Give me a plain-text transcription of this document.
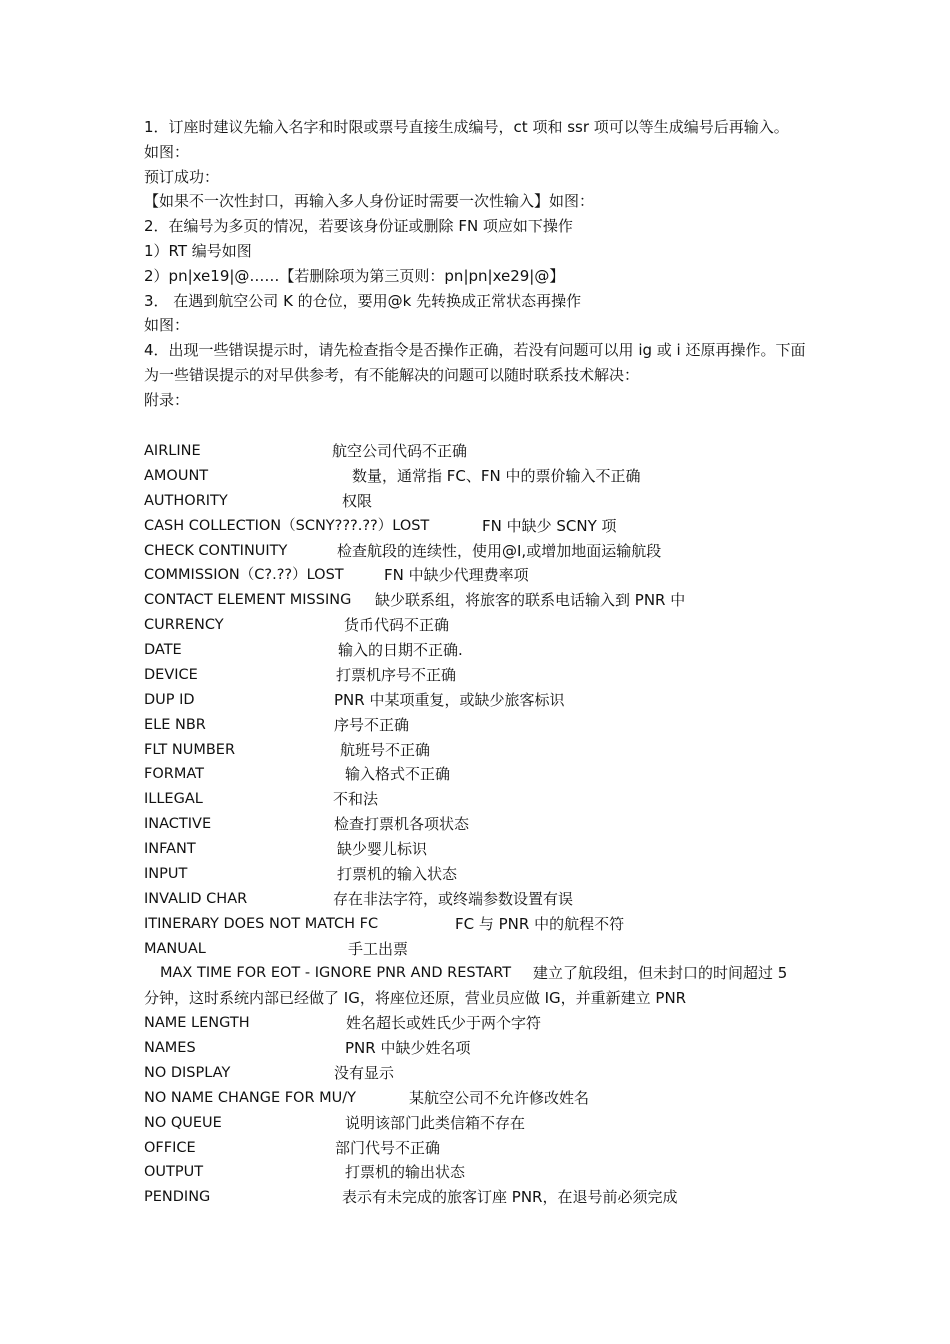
1．订座时建议先输入名字和时限或票号直接生成编号，ct 项和 ssr 项可以等生成编号后再输入。

如图：

预订成功：

【如果不一次性封口，再输入多人身份证时需要一次性输入】如图：

2．在编号为多页的情况，若要该身份证或删除 FN 项应如下操作

1）RT 编号如图

2）pn|xe19|@……【若删除项为第三页则：pn|pn|xe29|@】

3． 在遇到航空公司 K 的仓位，要用@k 先转换成正常状态再操作

如图：

4．出现一些错误提示时，请先检查指令是否操作正确，若没有问题可以用 ig 或 i 还原再操作。下面为一些错误提示的对早供参考，有不能解决的问题可以随时联系技术解决：

附录：

AIRLINE	航空公司代码不正确
AMOUNT	数量，通常指 FC、FN 中的票价输入不正确
AUTHORITY	权限
CASH COLLECTION（SCNY???.??）LOST	FN 中缺少 SCNY 项
CHECK CONTINUITY	检查航段的连续性，使用@I,或增加地面运输航段
COMMISSION（C?.??）LOST	FN 中缺少代理费率项
CONTACT ELEMENT MISSING 缺少联系组，将旅客的联系电话输入到 PNR 中
CURRENCY	货币代码不正确
DATE	输入的日期不正确.
DEVICE	打票机序号不正确
DUP ID	PNR 中某项重复，或缺少旅客标识
ELE NBR	序号不正确
FLT NUMBER	航班号不正确
FORMAT	输入格式不正确
ILLEGAL	不和法
INACTIVE	检查打票机各项状态
INFANT	缺少婴儿标识
INPUT	打票机的输入状态
INVALID CHAR	存在非法字符，或终端参数设置有误
ITINERARY DOES NOT MATCH FC	FC 与 PNR 中的航程不符
MANUAL	手工出票
MAX TIME FOR EOT - IGNORE PNR AND RESTART 建立了航段组，但未封口的时间超过 5
分钟，这时系统内部已经做了 IG，将座位还原，营业员应做 IG，并重新建立 PNR
NAME LENGTH	姓名超长或姓氏少于两个字符
NAMES	PNR 中缺少姓名项
NO DISPLAY	没有显示
NO NAME CHANGE FOR MU/Y	某航空公司不允许修改姓名
NO QUEUE	说明该部门此类信箱不存在
OFFICE	部门代号不正确
OUTPUT	打票机的输出状态
PENDING	表示有未完成的旅客订座 PNR，在退号前必须完成
